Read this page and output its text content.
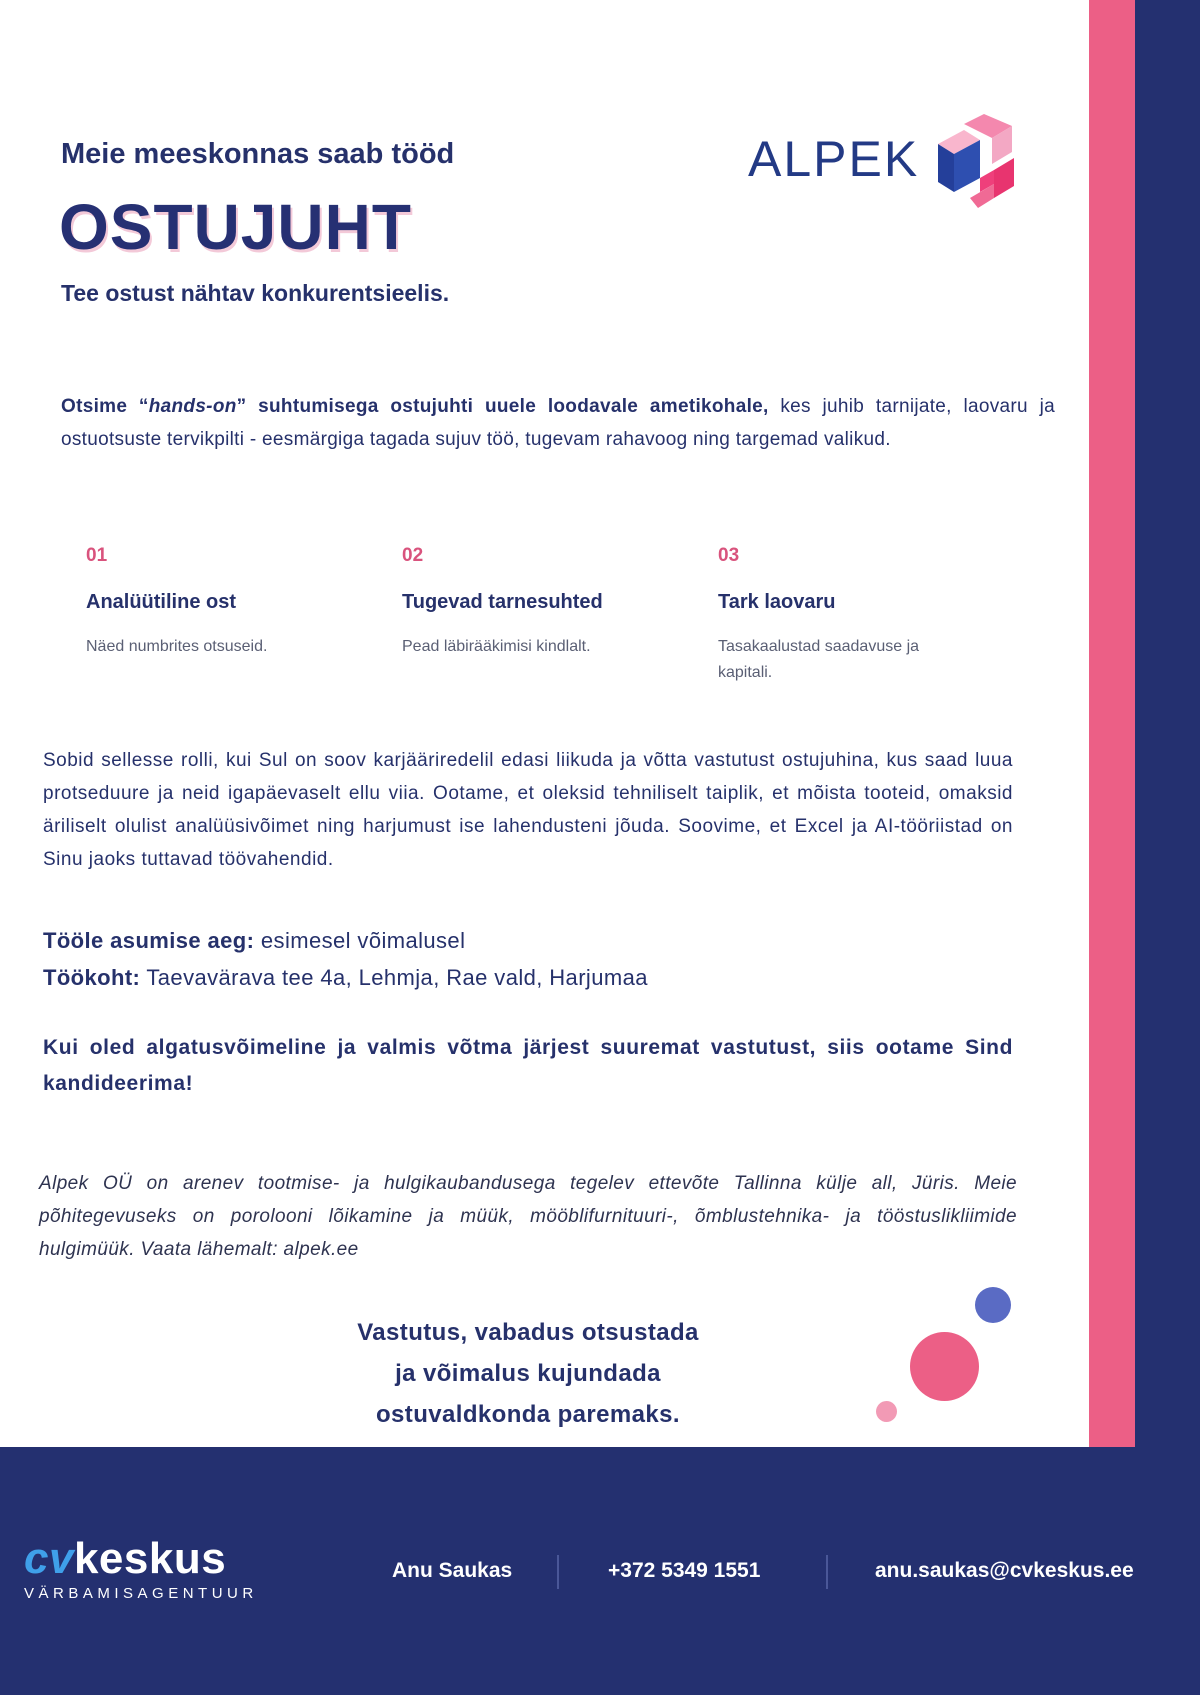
Meie meeskonnas saab tööd
OSTUJUHT
Tee ostust nähtav konkurentsieelis.
ALPEK
Otsime “hands-on” suhtumisega ostujuhti uuele loodavale ametikohale, kes juhib tarnijate, laovaru ja ostuotsuste tervikpilti - eesmärgiga tagada sujuv töö, tugevam rahavoog ning targemad valikud.
01
Analüütiline ost
Näed numbrites otsuseid.
02
Tugevad tarnesuhted
Pead läbirääkimisi kindlalt.
03
Tark laovaru
Tasakaalustad saadavuse ja kapitali.
Sobid sellesse rolli, kui Sul on soov karjääriredelil edasi liikuda ja võtta vastutust ostujuhina, kus saad luua protseduure ja neid igapäevaselt ellu viia. Ootame, et oleksid tehniliselt taiplik, et mõista tooteid, omaksid äriliselt olulist analüüsivõimet ning harjumust ise lahendusteni jõuda. Soovime, et Excel ja AI-tööriistad on Sinu jaoks tuttavad töövahendid.
Tööle asumise aeg: esimesel võimalusel
Töökoht: Taevavärava tee 4a, Lehmja, Rae vald, Harjumaa
Kui oled algatusvõimeline ja valmis võtma järjest suuremat vastutust, siis ootame Sind kandideerima!
Alpek OÜ on arenev tootmise- ja hulgikaubandusega tegelev ettevõte Tallinna külje all, Jüris. Meie põhitegevuseks on porolooni lõikamine ja müük, mööblifurnituuri-, õmblustehnika- ja tööstuslikliimide hulgimüük. Vaata lähemalt: alpek.ee
Vastutus, vabadus otsustada
ja võimalus kujundada
ostuvaldkonda paremaks.
cvkeskus
VÄRBAMISAGENTUUR
Anu Saukas	+372 5349 1551	anu.saukas@cvkeskus.ee
